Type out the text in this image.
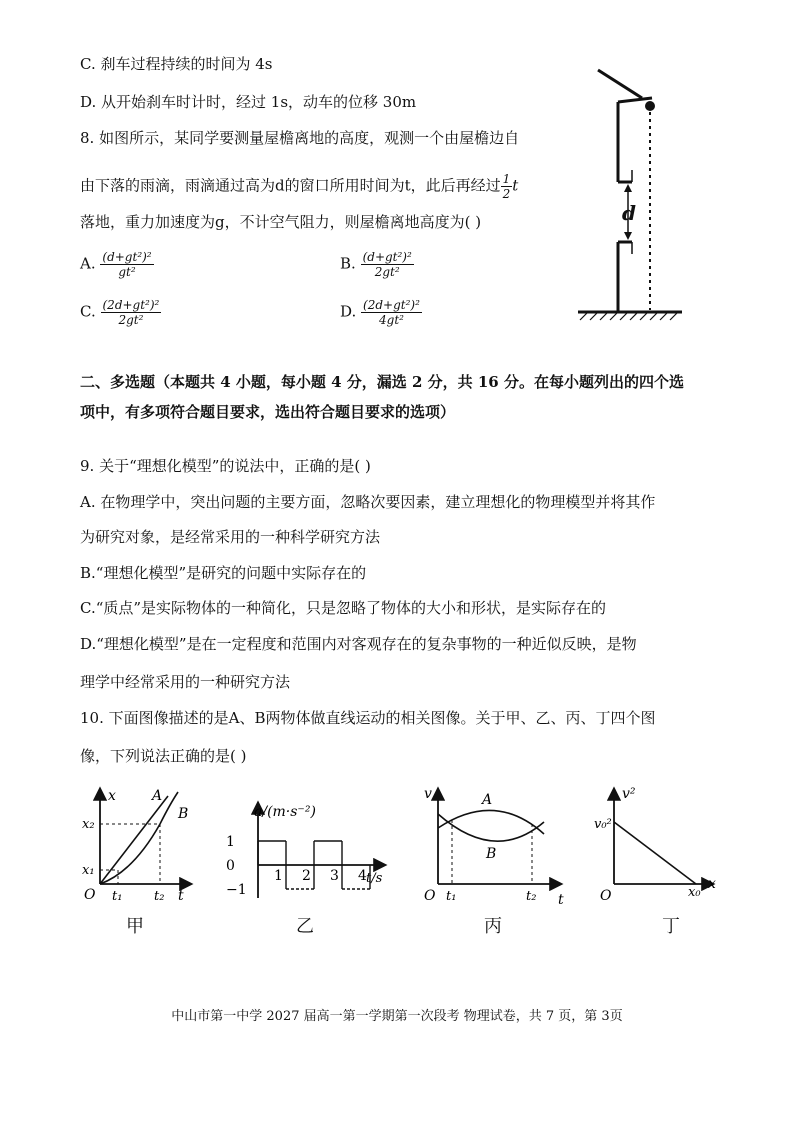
C. 刹车过程持续的时间为 4s
D. 从开始刹车时计时，经过 1s，动车的位移 30m
8. 如图所示，某同学要测量屋檐离地的高度，观测一个由屋檐边自
由下落的雨滴，雨滴通过高为d的窗口所用时间为t，此后再经过 $\frac{1}{2}$ t
落地，重力加速度为g，不计空气阻力，则屋檐离地高度为( )
A. $\frac{\text{(d+gt²)²}}{\text{gt²}}$	B. $\frac{\text{(d+gt²)²}}{\text{2gt²}}$
C. $\frac{\text{(2d+gt²)²}}{\text{2gt²}}$	D. $\frac{\text{(2d+gt²)²}}{\text{4gt²}}$
d
二、多选题（本题共 4 小题，每小题 4 分，漏选 2 分，共 16 分。在每小题列出的四个选
项中，有多项符合题目要求，选出符合题目要求的选项）
9. 关于“理想化模型”的说法中，正确的是( )
A. 在物理学中，突出问题的主要方面，忽略次要因素，建立理想化的物理模型并将其作
为研究对象，是经常采用的一种科学研究方法
B.“理想化模型”是研究的问题中实际存在的
C.“质点”是实际物体的一种简化，只是忽略了物体的大小和形状，是实际存在的
D.“理想化模型”是在一定程度和范围内对客观存在的复杂事物的一种近似反映，是物
理学中经常采用的一种研究方法
10. 下面图像描述的是A、B两物体做直线运动的相关图像。关于甲、乙、丙、丁四个图
像，下列说法正确的是( )
x
x₂
x₁
O t₁ t₂ t
A
B
甲
1
0
−1
a/(m·s⁻²)
t/s
1 2 3 4
乙
v	A
B
O t₁	t₂ t
丙
v²
v₀²
O	x₀
x
丁
中山市第一中学 2027 届高一第一学期第一次段考 物理试卷，共 7 页，第 3页
